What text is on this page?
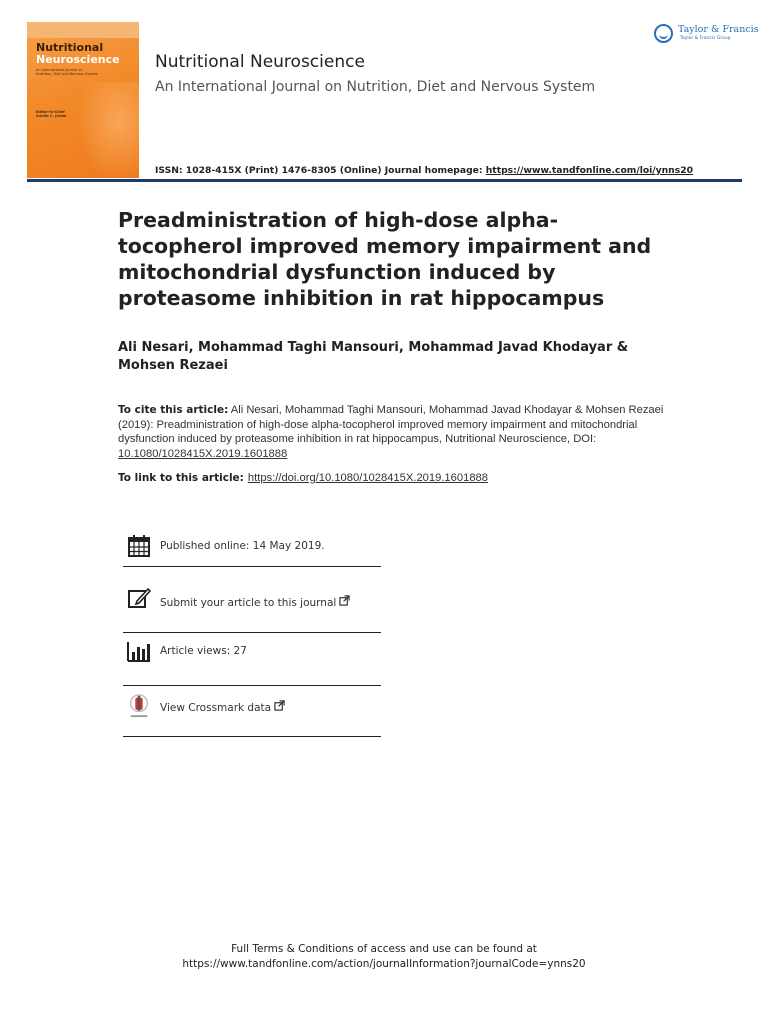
Nutritional
Neuroscience
An International Journal on Nutrition, Diet and Nervous System
Editor-in-Chief Sunita C. Jindal
Nutritional Neuroscience
An International Journal on Nutrition, Diet and Nervous System
ISSN: 1028-415X (Print) 1476-8305 (Online) Journal homepage: https://www.tandfonline.com/loi/ynns20
Taylor & Francis
Taylor & Francis Group
Preadministration of high-dose alpha-tocopherol improved memory impairment and mitochondrial dysfunction induced by proteasome inhibition in rat hippocampus
Ali Nesari, Mohammad Taghi Mansouri, Mohammad Javad Khodayar & Mohsen Rezaei
To cite this article: Ali Nesari, Mohammad Taghi Mansouri, Mohammad Javad Khodayar & Mohsen Rezaei (2019): Preadministration of high-dose alpha-tocopherol improved memory impairment and mitochondrial dysfunction induced by proteasome inhibition in rat hippocampus, Nutritional Neuroscience, DOI: 10.1080/1028415X.2019.1601888
To link to this article: https://doi.org/10.1080/1028415X.2019.1601888
Published online: 14 May 2019.
Submit your article to this journal
Article views: 27
View Crossmark data
Full Terms & Conditions of access and use can be found at
https://www.tandfonline.com/action/journalInformation?journalCode=ynns20
